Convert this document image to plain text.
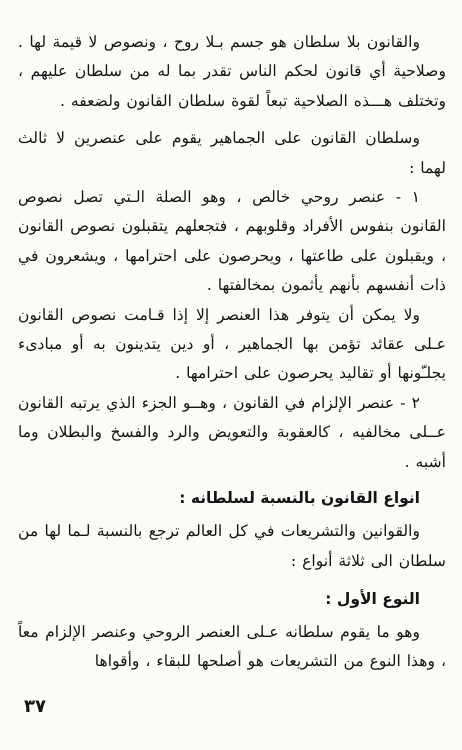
والقانون بلا سلطان هو جسم بـلا روح ، ونصوص لا قيمة لها . وصلاحية أي قانون لحكم الناس تقدر بما له من سلطان عليهم ، وتختلف هـــذه الصلاحية تبعاً لقوة سلطان القانون ولضعفه .

وسلطان القانون على الجماهير يقوم على عنصرين لا ثالث لهما :

١ - عنصر روحي خالص ، وهو الصلة الـتي تصل نصوص القانون بنفوس الأفراد وقلوبهم ، فتجعلهم يتقبلون نصوص القانون ، ويقبلون على طاعتها ، ويحرصون على احترامها ، ويشعرون في ذات أنفسهم بأنهم يأثمون بمخالفتها .

ولا يمكن أن يتوفر هذا العنصر إلا إذا قـامت نصوص القانون عـلى عقائد تؤمن بها الجماهير ، أو دين يتدينون به أو مبادىء يجلـّونها أو تقاليد يحرصون على احترامها .

٢ - عنصر الإلزام في القانون ، وهــو الجزء الذي يرتبه القانون عــلى مخالفيه ، كالعقوبة والتعويض والرد والفسخ والبطلان وما أشبه .

انواع القانون بالنسبة لسلطانه :

والقوانين والتشريعات في كل العالم ترجع بالنسبة لـما لها من سلطان الى ثلاثة أنواع :

النوع الأول :

وهو ما يقوم سلطانه عـلى العنصر الروحي وعنصر الإلزام معاً ، وهذا النوع من التشريعات هو أصلحها للبقاء ، وأقواها

٣٧
